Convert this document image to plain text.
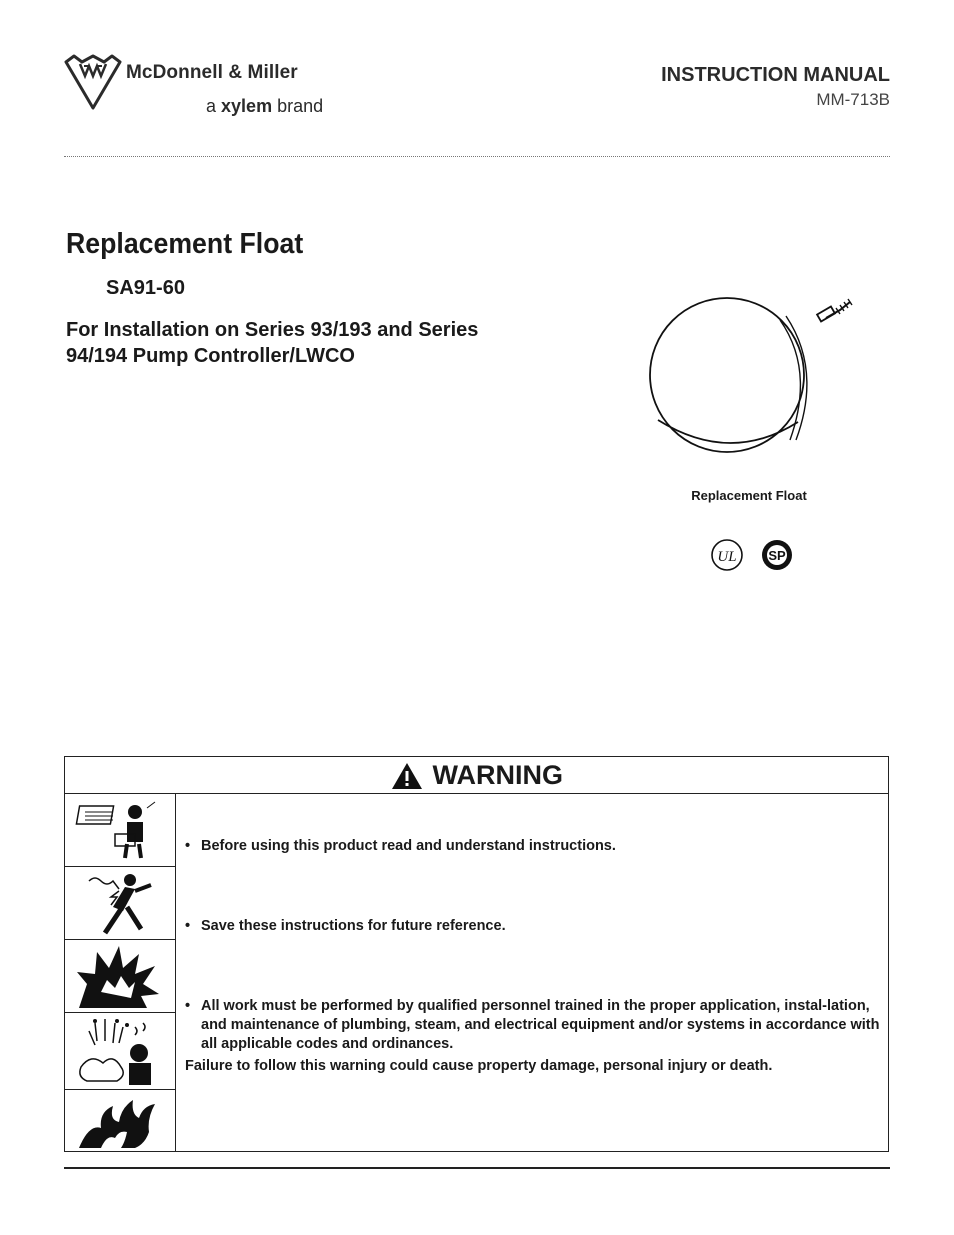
McDonnell & Miller
a xylem brand
INSTRUCTION MANUAL
MM-713B
Replacement Float
SA91-60
For Installation on Series 93/193 and Series 94/194 Pump Controller/LWCO
Replacement Float
UL SP
WARNING
• Before using this product read and understand instructions.
• Save these instructions for future reference.
• All work must be performed by qualified personnel trained in the proper application, instal-lation, and maintenance of plumbing, steam, and electrical equipment and/or systems in accordance with all applicable codes and ordinances.
Failure to follow this warning could cause property damage, personal injury or death.
